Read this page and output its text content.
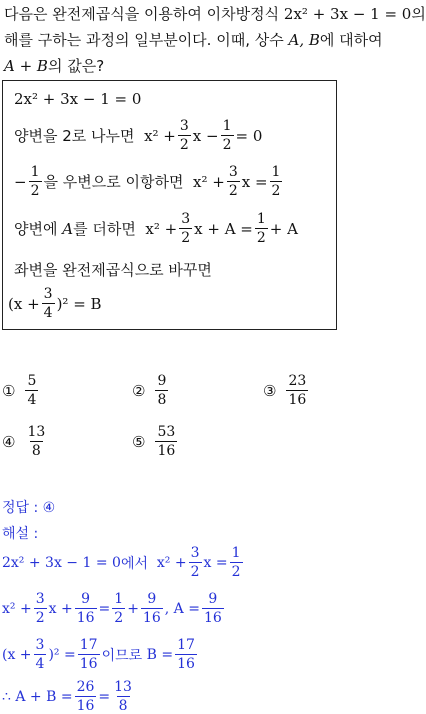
다음은 완전제곱식을 이용하여 이차방정식 2x² + 3x − 1 = 0의
해를 구하는 과정의 일부분이다. 이때, 상수 A, B에 대하여
A + B의 값은?
2x² + 3x − 1 = 0
양변을 2로 나누면
$x^2 + \frac{3}{2}$ $x - \frac{1}{2} = 0$
− $\frac{1}{2}$ 을 우변으로 이항하면
$x^2 + \frac{3}{2}$ $x = \frac{1}{2}$
양변에
A 를 더하면
$x^2 + \frac{3}{2}$ $x + A = \frac{1}{2} + A$
좌변을 완전제곱식으로 바꾸면
$(x + \frac{3}{4} )^2 = B$
① $\frac{5}{4}$	② $\frac{9}{8}$	③ $\frac{23}{16}$
④ $\frac{13}{8}$	⑤ $\frac{53}{16}$
정답 : ④
해설 :
2x² + 3x − 1 = 0 에서
$x^2 + \frac{3}{2}$ $x = \frac{1}{2}$
$x^2 + \frac{3}{2}$ $x + \frac{9}{16} = \frac{1}{2} + \frac{9}{16}$ , $A = \frac{9}{16}$
$(x + \frac{3}{4} )^2 = \frac{17}{16}$ 이므로
$B = \frac{17}{16}$
∴ $A + B = \frac{26}{16} = \frac{13}{8}$
